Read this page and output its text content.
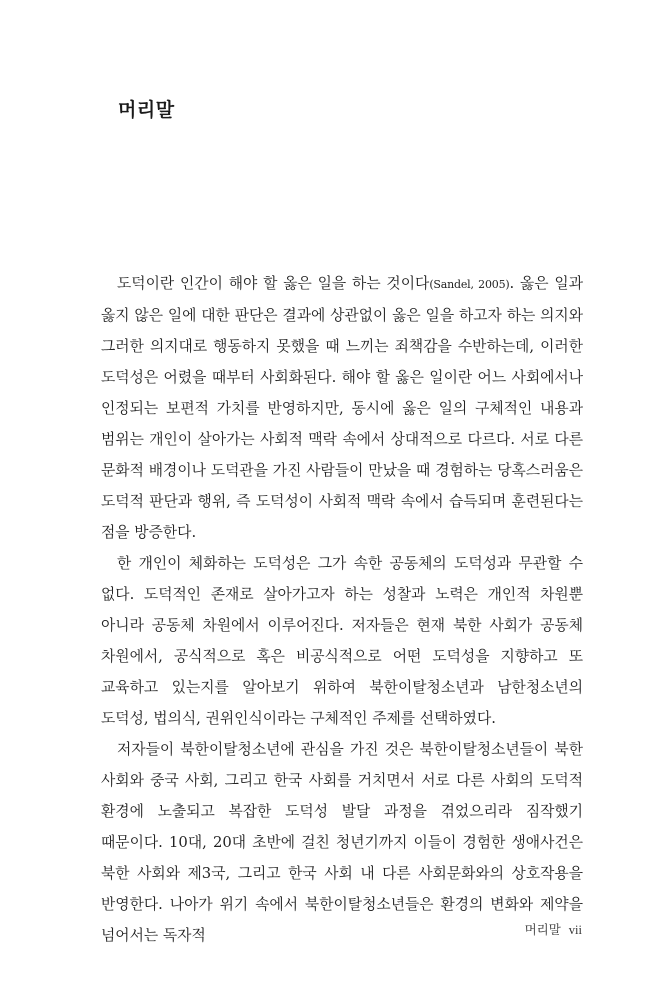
머리말

도덕이란 인간이 해야 할 옳은 일을 하는 것이다(Sandel, 2005). 옳은 일과 옳지 않은 일에 대한 판단은 결과에 상관없이 옳은 일을 하고자 하는 의지와 그러한 의지대로 행동하지 못했을 때 느끼는 죄책감을 수반하는데, 이러한 도덕성은 어렸을 때부터 사회화된다. 해야 할 옳은 일이란 어느 사회에서나 인정되는 보편적 가치를 반영하지만, 동시에 옳은 일의 구체적인 내용과 범위는 개인이 살아가는 사회적 맥락 속에서 상대적으로 다르다. 서로 다른 문화적 배경이나 도덕관을 가진 사람들이 만났을 때 경험하는 당혹스러움은 도덕적 판단과 행위, 즉 도덕성이 사회적 맥락 속에서 습득되며 훈련된다는 점을 방증한다.

한 개인이 체화하는 도덕성은 그가 속한 공동체의 도덕성과 무관할 수 없다. 도덕적인 존재로 살아가고자 하는 성찰과 노력은 개인적 차원뿐 아니라 공동체 차원에서 이루어진다. 저자들은 현재 북한 사회가 공동체 차원에서, 공식적으로 혹은 비공식적으로 어떤 도덕성을 지향하고 또 교육하고 있는지를 알아보기 위하여 북한이탈청소년과 남한청소년의 도덕성, 법의식, 권위인식이라는 구체적인 주제를 선택하였다.

저자들이 북한이탈청소년에 관심을 가진 것은 북한이탈청소년들이 북한 사회와 중국 사회, 그리고 한국 사회를 거치면서 서로 다른 사회의 도덕적 환경에 노출되고 복잡한 도덕성 발달 과정을 겪었으리라 짐작했기 때문이다. 10대, 20대 초반에 걸친 청년기까지 이들이 경험한 생애사건은 북한 사회와 제3국, 그리고 한국 사회 내 다른 사회문화와의 상호작용을 반영한다. 나아가 위기 속에서 북한이탈청소년들은 환경의 변화와 제약을 넘어서는 독자적	머리말 vii
